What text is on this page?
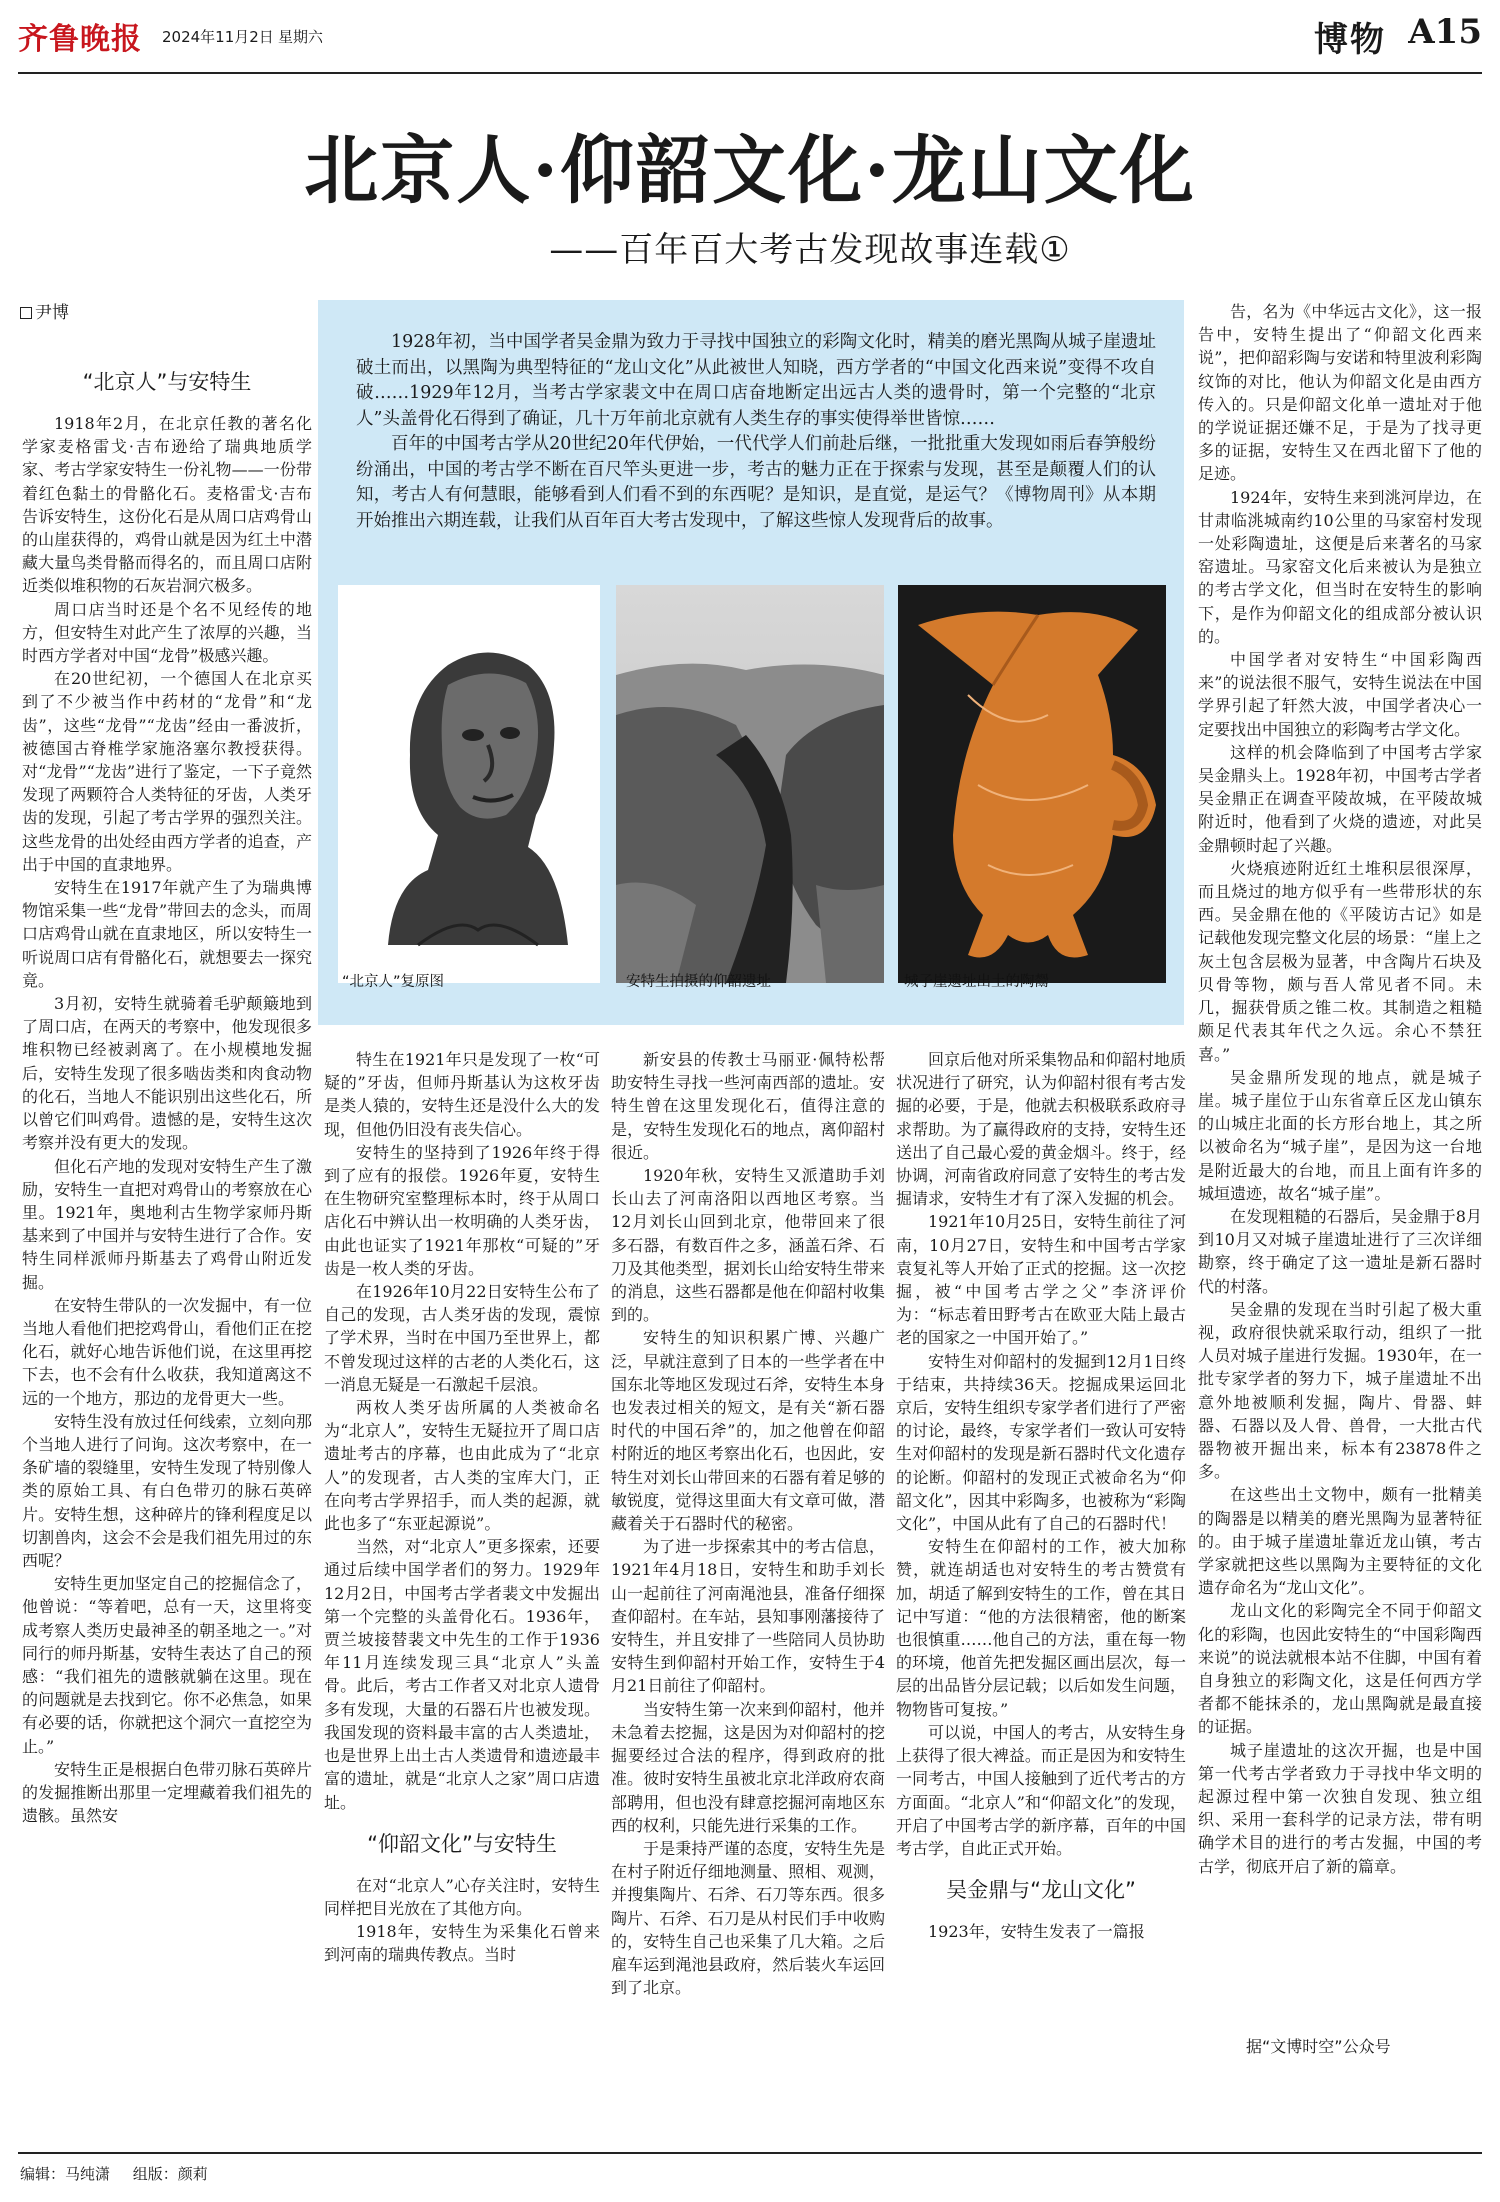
齐鲁晚报 2024年11月2日 星期六	博物 A15
北京人·仰韶文化·龙山文化
——百年百大考古发现故事连载①
尹博
“北京人”与安特生

1918年2月，在北京任教的著名化学家麦格雷戈·吉布逊给了瑞典地质学家、考古学家安特生一份礼物——一份带着红色黏土的骨骼化石。麦格雷戈·吉布告诉安特生，这份化石是从周口店鸡骨山的山崖获得的，鸡骨山就是因为红土中潜藏大量鸟类骨骼而得名的，而且周口店附近类似堆积物的石灰岩洞穴极多。

周口店当时还是个名不见经传的地方，但安特生对此产生了浓厚的兴趣，当时西方学者对中国“龙骨”极感兴趣。

在20世纪初，一个德国人在北京买到了不少被当作中药材的“龙骨”和“龙齿”，这些“龙骨”“龙齿”经由一番波折，被德国古脊椎学家施洛塞尔教授获得。对“龙骨”“龙齿”进行了鉴定，一下子竟然发现了两颗符合人类特征的牙齿，人类牙齿的发现，引起了考古学界的强烈关注。这些龙骨的出处经由西方学者的追查，产出于中国的直隶地界。

安特生在1917年就产生了为瑞典博物馆采集一些“龙骨”带回去的念头，而周口店鸡骨山就在直隶地区，所以安特生一听说周口店有骨骼化石，就想要去一探究竟。

3月初，安特生就骑着毛驴颠簸地到了周口店，在两天的考察中，他发现很多堆积物已经被剥离了。在小规模地发掘后，安特生发现了很多啮齿类和肉食动物的化石，当地人不能识别出这些化石，所以曾它们叫鸡骨。遗憾的是，安特生这次考察并没有更大的发现。

但化石产地的发现对安特生产生了激励，安特生一直把对鸡骨山的考察放在心里。1921年，奥地利古生物学家师丹斯基来到了中国并与安特生进行了合作。安特生同样派师丹斯基去了鸡骨山附近发掘。

在安特生带队的一次发掘中，有一位当地人看他们把挖鸡骨山，看他们正在挖化石，就好心地告诉他们说，在这里再挖下去，也不会有什么收获，我知道离这不远的一个地方，那边的龙骨更大一些。

安特生没有放过任何线索，立刻向那个当地人进行了问询。这次考察中，在一条矿墙的裂缝里，安特生发现了特别像人类的原始工具、有白色带刃的脉石英碎片。安特生想，这种碎片的锋利程度足以切割兽肉，这会不会是我们祖先用过的东西呢？

安特生更加坚定自己的挖掘信念了，他曾说：“等着吧，总有一天，这里将变成考察人类历史最神圣的朝圣地之一。”对同行的师丹斯基，安特生表达了自己的预感：“我们祖先的遗骸就躺在这里。现在的问题就是去找到它。你不必焦急，如果有必要的话，你就把这个洞穴一直挖空为止。”

安特生正是根据白色带刃脉石英碎片的发掘推断出那里一定埋藏着我们祖先的遗骸。虽然安

1928年初，当中国学者吴金鼎为致力于寻找中国独立的彩陶文化时，精美的磨光黑陶从城子崖遗址破土而出，以黑陶为典型特征的“龙山文化”从此被世人知晓，西方学者的“中国文化西来说”变得不攻自破……1929年12月，当考古学家裴文中在周口店奋地断定出远古人类的遗骨时，第一个完整的“北京人”头盖骨化石得到了确证，几十万年前北京就有人类生存的事实使得举世皆惊……

百年的中国考古学从20世纪20年代伊始，一代代学人们前赴后继，一批批重大发现如雨后春笋般纷纷涌出，中国的考古学不断在百尺竿头更进一步，考古的魅力正在于探索与发现，甚至是颠覆人们的认知，考古人有何慧眼，能够看到人们看不到的东西呢？是知识，是直觉，是运气？《博物周刊》从本期开始推出六期连载，让我们从百年百大考古发现中，了解这些惊人发现背后的故事。

“北京人”复原图	安特生拍摄的仰韶遗址	城子崖遗址出土的陶鬶

特生在1921年只是发现了一枚“可疑的”牙齿，但师丹斯基认为这枚牙齿是类人猿的，安特生还是没什么大的发现，但他仍旧没有丧失信心。

安特生的坚持到了1926年终于得到了应有的报偿。1926年夏，安特生在生物研究室整理标本时，终于从周口店化石中辨认出一枚明确的人类牙齿，由此也证实了1921年那枚“可疑的”牙齿是一枚人类的牙齿。

在1926年10月22日安特生公布了自己的发现，古人类牙齿的发现，震惊了学术界，当时在中国乃至世界上，都不曾发现过这样的古老的人类化石，这一消息无疑是一石激起千层浪。

两枚人类牙齿所属的人类被命名为“北京人”，安特生无疑拉开了周口店遗址考古的序幕，也由此成为了“北京人”的发现者，古人类的宝库大门，正在向考古学界招手，而人类的起源，就此也多了“东亚起源说”。

当然，对“北京人”更多探索，还要通过后续中国学者们的努力。1929年12月2日，中国考古学者裴文中发掘出第一个完整的头盖骨化石。1936年，贾兰坡接替裴文中先生的工作于1936年11月连续发现三具“北京人”头盖骨。此后，考古工作者又对北京人遗骨多有发现，大量的石器石片也被发现。我国发现的资料最丰富的古人类遗址，也是世界上出土古人类遗骨和遗迹最丰富的遗址，就是“北京人之家”周口店遗址。

“仰韶文化”与安特生

在对“北京人”心存关注时，安特生同样把目光放在了其他方向。

1918年，安特生为采集化石曾来到河南的瑞典传教点。当时

新安县的传教士马丽亚·佩特松帮助安特生寻找一些河南西部的遗址。安特生曾在这里发现化石，值得注意的是，安特生发现化石的地点，离仰韶村很近。

1920年秋，安特生又派遣助手刘长山去了河南洛阳以西地区考察。当12月刘长山回到北京，他带回来了很多石器，有数百件之多，涵盖石斧、石刀及其他类型，据刘长山给安特生带来的消息，这些石器都是他在仰韶村收集到的。

安特生的知识积累广博、兴趣广泛，早就注意到了日本的一些学者在中国东北等地区发现过石斧，安特生本身也发表过相关的短文，是有关“新石器时代的中国石斧”的，加之他曾在仰韶村附近的地区考察出化石，也因此，安特生对刘长山带回来的石器有着足够的敏锐度，觉得这里面大有文章可做，潜藏着关于石器时代的秘密。

为了进一步探索其中的考古信息，1921年4月18日，安特生和助手刘长山一起前往了河南渑池县，准备仔细探查仰韶村。在车站，县知事刚藩接待了安特生，并且安排了一些陪同人员协助安特生到仰韶村开始工作，安特生于4月21日前往了仰韶村。

当安特生第一次来到仰韶村，他并未急着去挖掘，这是因为对仰韶村的挖掘要经过合法的程序，得到政府的批准。彼时安特生虽被北京北洋政府农商部聘用，但也没有肆意挖掘河南地区东西的权利，只能先进行采集的工作。

于是秉持严谨的态度，安特生先是在村子附近仔细地测量、照相、观测，并搜集陶片、石斧、石刀等东西。很多陶片、石斧、石刀是从村民们手中收购的，安特生自己也采集了几大箱。之后雇车运到渑池县政府，然后装火车运回到了北京。

回京后他对所采集物品和仰韶村地质状况进行了研究，认为仰韶村很有考古发掘的必要，于是，他就去积极联系政府寻求帮助。为了赢得政府的支持，安特生还送出了自己最心爱的黄金烟斗。终于，经协调，河南省政府同意了安特生的考古发掘请求，安特生才有了深入发掘的机会。

1921年10月25日，安特生前往了河南，10月27日，安特生和中国考古学家袁复礼等人开始了正式的挖掘。这一次挖掘，被“中国考古学之父”李济评价为：“标志着田野考古在欧亚大陆上最古老的国家之一中国开始了。”

安特生对仰韶村的发掘到12月1日终于结束，共持续36天。挖掘成果运回北京后，安特生组织专家学者们进行了严密的讨论，最终，专家学者们一致认可安特生对仰韶村的发现是新石器时代文化遗存的论断。仰韶村的发现正式被命名为“仰韶文化”，因其中彩陶多，也被称为“彩陶文化”，中国从此有了自己的石器时代！

安特生在仰韶村的工作，被大加称赞，就连胡适也对安特生的考古赞赏有加，胡适了解到安特生的工作，曾在其日记中写道：“他的方法很精密，他的断案也很慎重……他自己的方法，重在每一物的环境，他首先把发掘区画出层次，每一层的出品皆分层记载；以后如发生问题，物物皆可复按。”

可以说，中国人的考古，从安特生身上获得了很大裨益。而正是因为和安特生一同考古，中国人接触到了近代考古的方方面面。“北京人”和“仰韶文化”的发现，开启了中国考古学的新序幕，百年的中国考古学，自此正式开始。

吴金鼎与“龙山文化”

1923年，安特生发表了一篇报

告，名为《中华远古文化》，这一报告中，安特生提出了“仰韶文化西来说”，把仰韶彩陶与安诺和特里波利彩陶纹饰的对比，他认为仰韶文化是由西方传入的。只是仰韶文化单一遗址对于他的学说证据还嫌不足，于是为了找寻更多的证据，安特生又在西北留下了他的足迹。

1924年，安特生来到洮河岸边，在甘肃临洮城南约10公里的马家窑村发现一处彩陶遗址，这便是后来著名的马家窑遗址。马家窑文化后来被认为是独立的考古学文化，但当时在安特生的影响下，是作为仰韶文化的组成部分被认识的。

中国学者对安特生“中国彩陶西来”的说法很不服气，安特生说法在中国学界引起了轩然大波，中国学者决心一定要找出中国独立的彩陶考古学文化。

这样的机会降临到了中国考古学家吴金鼎头上。1928年初，中国考古学者吴金鼎正在调查平陵故城，在平陵故城附近时，他看到了火烧的遗迹，对此吴金鼎顿时起了兴趣。

火烧痕迹附近红土堆积层很深厚，而且烧过的地方似乎有一些带形状的东西。吴金鼎在他的《平陵访古记》如是记载他发现完整文化层的场景：“崖上之灰土包含层极为显著，中含陶片石块及贝骨等物，颇与吾人常见者不同。未几，掘获骨质之锥二枚。其制造之粗糙颇足代表其年代之久远。余心不禁狂喜。”

吴金鼎所发现的地点，就是城子崖。城子崖位于山东省章丘区龙山镇东的山城庄北面的长方形台地上，其之所以被命名为“城子崖”，是因为这一台地是附近最大的台地，而且上面有许多的城垣遗迹，故名“城子崖”。

在发现粗糙的石器后，吴金鼎于8月到10月又对城子崖遗址进行了三次详细勘察，终于确定了这一遗址是新石器时代的村落。

吴金鼎的发现在当时引起了极大重视，政府很快就采取行动，组织了一批人员对城子崖进行发掘。1930年，在一批专家学者的努力下，城子崖遗址不出意外地被顺利发掘，陶片、骨器、蚌器、石器以及人骨、兽骨，一大批古代器物被开掘出来，标本有23878件之多。

在这些出土文物中，颇有一批精美的陶器是以精美的磨光黑陶为显著特征的。由于城子崖遗址靠近龙山镇，考古学家就把这些以黑陶为主要特征的文化遗存命名为“龙山文化”。

龙山文化的彩陶完全不同于仰韶文化的彩陶，也因此安特生的“中国彩陶西来说”的说法就根本站不住脚，中国有着自身独立的彩陶文化，这是任何西方学者都不能抹杀的，龙山黑陶就是最直接的证据。

城子崖遗址的这次开掘，也是中国第一代考古学者致力于寻找中华文明的起源过程中第一次独自发现、独立组织、采用一套科学的记录方法，带有明确学术目的进行的考古发掘，中国的考古学，彻底开启了新的篇章。

据“文博时空”公众号
编辑：马纯潇 组版：颜莉
